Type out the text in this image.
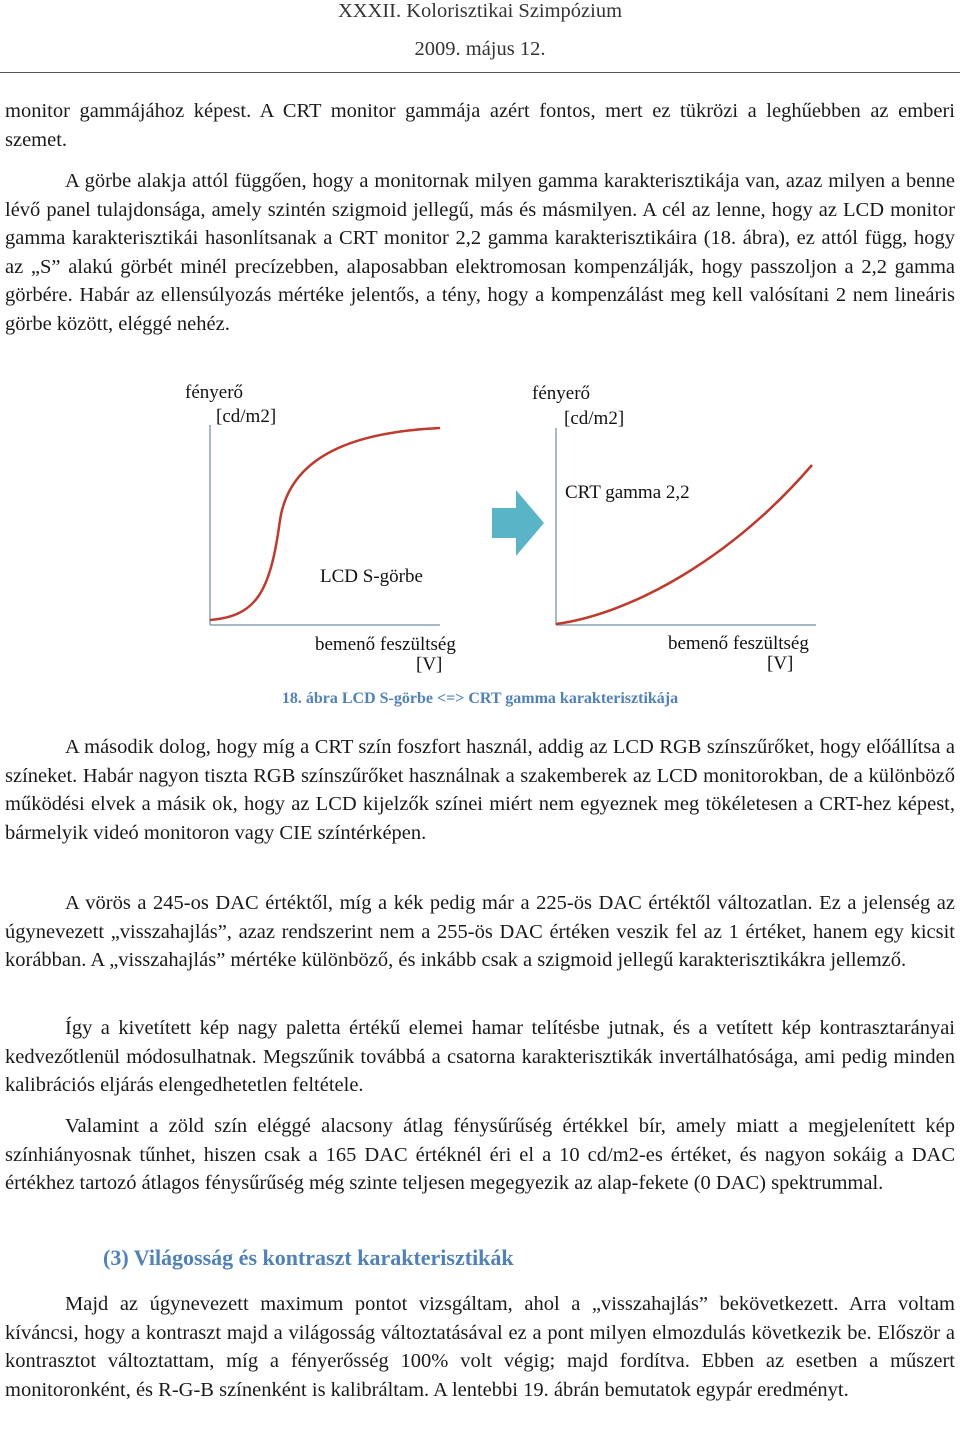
XXXII. Kolorisztikai Szimpózium
2009. május 12.

monitor gammájához képest. A CRT monitor gammája azért fontos, mert ez tükrözi a leghűebben az emberi szemet.

A görbe alakja attól függően, hogy a monitornak milyen gamma karakterisztikája van, azaz milyen a benne lévő panel tulajdonsága, amely szintén szigmoid jellegű, más és másmilyen. A cél az lenne, hogy az LCD monitor gamma karakterisztikái hasonlítsanak a CRT monitor 2,2 gamma karakterisztikáira (18. ábra), ez attól függ, hogy az „S” alakú görbét minél precízebben, alaposabban elektromosan kompenzálják, hogy passzoljon a 2,2 gamma görbére. Habár az ellensúlyozás mértéke jelentős, a tény, hogy a kompenzálást meg kell valósítani 2 nem lineáris görbe között, eléggé nehéz.

fényerő
[cd/m2]
LCD S-görbe
bemenő feszültség
[V]
fényerő
[cd/m2]
CRT gamma 2,2
bemenő feszültség
[V]
18. ábra LCD S-görbe <=> CRT gamma karakterisztikája

A második dolog, hogy míg a CRT szín foszfort használ, addig az LCD RGB színszűrőket, hogy előállítsa a színeket. Habár nagyon tiszta RGB színszűrőket használnak a szakemberek az LCD monitorokban, de a különböző működési elvek a másik ok, hogy az LCD kijelzők színei miért nem egyeznek meg tökéletesen a CRT-hez képest, bármelyik videó monitoron vagy CIE színtérképen.

A vörös a 245-os DAC értéktől, míg a kék pedig már a 225-ös DAC értéktől változatlan. Ez a jelenség az úgynevezett „visszahajlás”, azaz rendszerint nem a 255-ös DAC értéken veszik fel az 1 értéket, hanem egy kicsit korábban. A „visszahajlás” mértéke különböző, és inkább csak a szigmoid jellegű karakterisztikákra jellemző.

Így a kivetített kép nagy paletta értékű elemei hamar telítésbe jutnak, és a vetített kép kontrasztarányai kedvezőtlenül módosulhatnak. Megszűnik továbbá a csatorna karakterisztikák invertálhatósága, ami pedig minden kalibrációs eljárás elengedhetetlen feltétele.

Valamint a zöld szín eléggé alacsony átlag fénysűrűség értékkel bír, amely miatt a megjelenített kép színhiányosnak tűnhet, hiszen csak a 165 DAC értéknél éri el a 10 cd/m2-es értéket, és nagyon sokáig a DAC értékhez tartozó átlagos fénysűrűség még szinte teljesen megegyezik az alap-fekete (0 DAC) spektrummal.

(3) Világosság és kontraszt karakterisztikák

Majd az úgynevezett maximum pontot vizsgáltam, ahol a „visszahajlás” bekövetkezett. Arra voltam kíváncsi, hogy a kontraszt majd a világosság változtatásával ez a pont milyen elmozdulás következik be. Először a kontrasztot változtattam, míg a fényerősség 100% volt végig; majd fordítva. Ebben az esetben a műszert monitoronként, és R-G-B színenként is kalibráltam. A lentebbi 19. ábrán bemutatok egypár eredményt.
